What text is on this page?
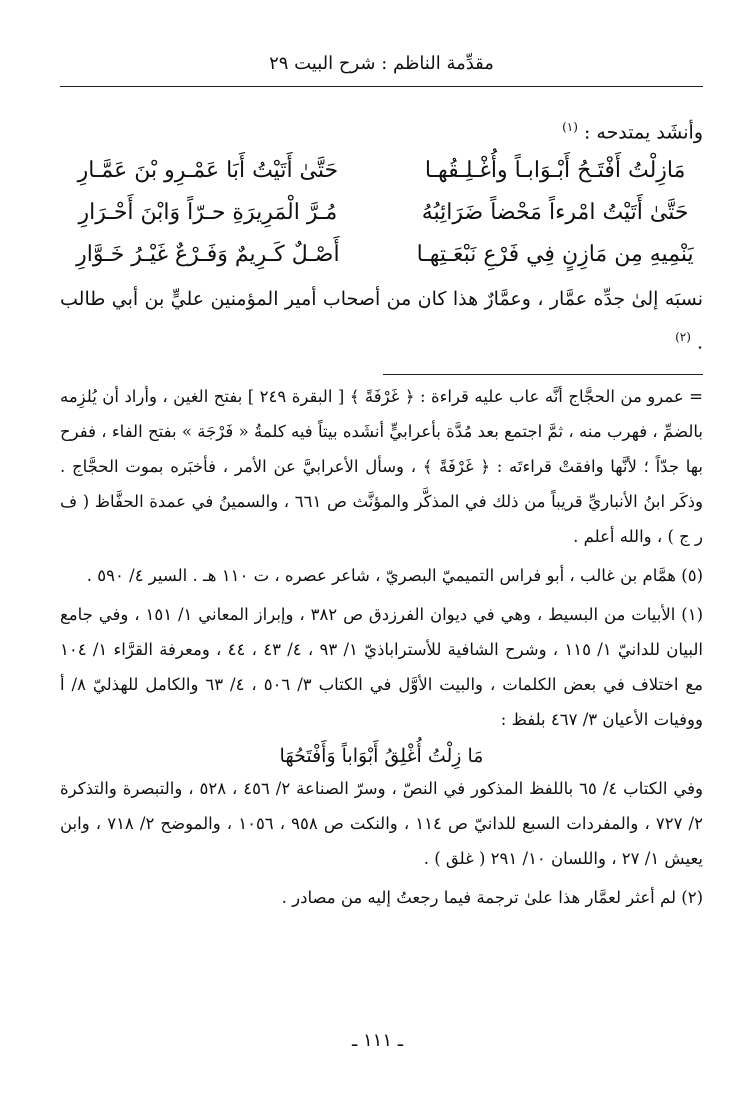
مقدِّمة الناظم : شرح البيت ٢٩
وأنشَد يمتدحه : $^{(١)}$
مَازِلْتُ أَفْتَـحُ أَبْـوَابـاً وأُغْـلِـقُهـا
حَتَّىٰ أَتَيْتُ أَبَا عَمْـرِو بْنَ عَمَّـارِ
حَتَّىٰ أَتَيْتُ امْرءاً مَحْضاً ضَرَائِبُهُ
مُـرَّ الْمَرِيرَةِ حـرّاً وَابْنَ أَحْـرَارِ
يَنْمِيهِ مِن مَازِنٍ فِي فَرْعِ نَبْعَـتِهـا
أَصْـلٌ كَـرِيمٌ وَفَـرْعٌ غَيْـرُ خَـوَّارِ
نسبَه إلىٰ جدِّه عمَّار ، وعمَّارٌ هذا كان من أصحاب أمير المؤمنين عليٍّ بن أبي طالب . $^{(٢)}$

= عمرو من الحجَّاج أنَّه عاب عليه قراءة : ﴿ غَرْفَةً ﴾ [ البقرة ٢٤٩ ] بفتح الغين ، وأراد أن يُلزِمه بالضمِّ ، فهرب منه ، ثمَّ اجتمع بعد مُدَّة بأعرابيٍّ أنشَده بيتاً فيه كلمةُ « فَرْجَة » بفتح الفاء ، ففرح بها جدّاً ؛ لأنَّها وافقتْ قراءتَه : ﴿ غَرْفَةً ﴾ ، وسأل الأعرابيَّ عن الأمر ، فأخبَره بموت الحجَّاج . وذكَر ابنُ الأنباريِّ قريباً من ذلك في المذكَّر والمؤنَّث ص ٦٦١ ، والسمينُ في عمدة الحفَّاظ ( ف ر ج ) ، والله أعلم .

(٥) همَّام بن غالب ، أبو فراس التميميّ البصريّ ، شاعر عصره ، ت ١١٠ هـ . السير ٤/ ٥٩٠ .

(١) الأبيات من البسيط ، وهي في ديوان الفرزدق ص ٣٨٢ ، وإبراز المعاني ١/ ١٥١ ، وفي جامع البيان للدانيّ ١/ ١١٥ ، وشرح الشافية للأستراباذيّ ١/ ٩٣ ، ٤/ ٤٣ ، ٤٤ ، ومعرفة القرَّاء ١/ ١٠٤ مع اختلاف في بعض الكلمات ، والبيت الأوَّل في الكتاب ٣/ ٥٠٦ ، ٤/ ٦٣ والكامل للهذليّ ٨/ أ ووفيات الأعيان ٣/ ٤٦٧ بلفظ :

مَا زِلْتُ أُغْلِقُ أَبْوَاباً وَأَفْتَحُهَا

وفي الكتاب ٤/ ٦٥ باللفظ المذكور في النصّ ، وسرّ الصناعة ٢/ ٤٥٦ ، ٥٢٨ ، والتبصرة والتذكرة ٢/ ٧٢٧ ، والمفردات السبع للدانيّ ص ١١٤ ، والنكت ص ٩٥٨ ، ١٠٥٦ ، والموضح ٢/ ٧١٨ ، وابن يعيش ١/ ٢٧ ، واللسان ١٠/ ٢٩١ ( غلق ) .

(٢) لم أعثر لعمَّار هذا علىٰ ترجمة فيما رجعتُ إليه من مصادر .

ـ ١١١ ـ
